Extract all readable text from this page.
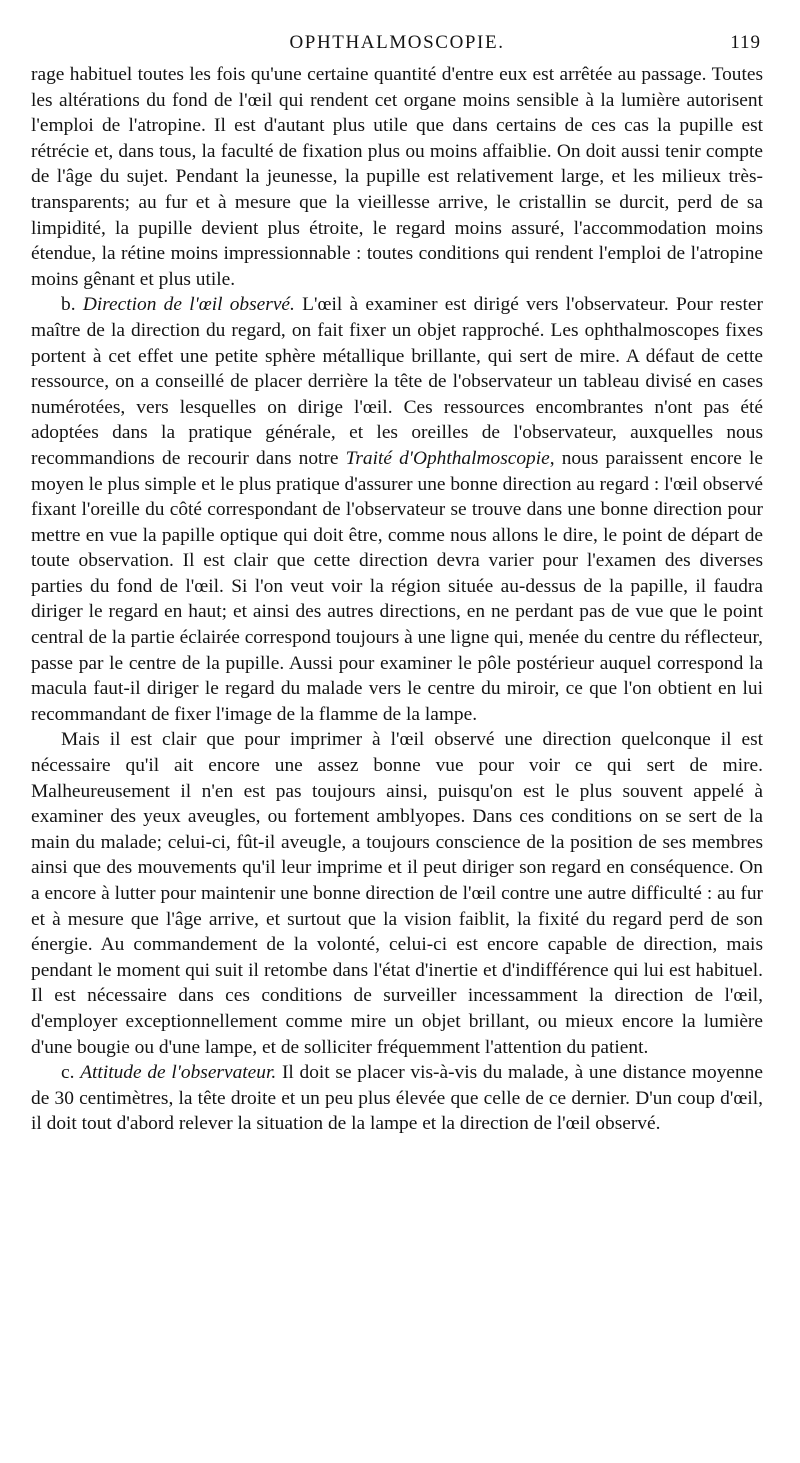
OPHTHALMOSCOPIE.	119

rage habituel toutes les fois qu'une certaine quantité d'entre eux est arrêtée au passage. Toutes les altérations du fond de l'œil qui rendent cet organe moins sensible à la lumière autorisent l'emploi de l'atropine. Il est d'autant plus utile que dans certains de ces cas la pupille est rétrécie et, dans tous, la faculté de fixation plus ou moins affaiblie. On doit aussi tenir compte de l'âge du sujet. Pendant la jeunesse, la pupille est relativement large, et les milieux très-transparents; au fur et à mesure que la vieillesse arrive, le cristallin se durcit, perd de sa limpidité, la pupille devient plus étroite, le regard moins assuré, l'accommodation moins étendue, la rétine moins impressionnable : toutes conditions qui rendent l'emploi de l'atropine moins gênant et plus utile.

b. Direction de l'œil observé. L'œil à examiner est dirigé vers l'observateur. Pour rester maître de la direction du regard, on fait fixer un objet rapproché. Les ophthalmoscopes fixes portent à cet effet une petite sphère métallique brillante, qui sert de mire. A défaut de cette ressource, on a conseillé de placer derrière la tête de l'observateur un tableau divisé en cases numérotées, vers lesquelles on dirige l'œil. Ces ressources encombrantes n'ont pas été adoptées dans la pratique générale, et les oreilles de l'observateur, auxquelles nous recommandions de recourir dans notre Traité d'Ophthalmoscopie, nous paraissent encore le moyen le plus simple et le plus pratique d'assurer une bonne direction au regard : l'œil observé fixant l'oreille du côté correspondant de l'observateur se trouve dans une bonne direction pour mettre en vue la papille optique qui doit être, comme nous allons le dire, le point de départ de toute observation. Il est clair que cette direction devra varier pour l'examen des diverses parties du fond de l'œil. Si l'on veut voir la région située au-dessus de la papille, il faudra diriger le regard en haut; et ainsi des autres directions, en ne perdant pas de vue que le point central de la partie éclairée correspond toujours à une ligne qui, menée du centre du réflecteur, passe par le centre de la pupille. Aussi pour examiner le pôle postérieur auquel correspond la macula faut-il diriger le regard du malade vers le centre du miroir, ce que l'on obtient en lui recommandant de fixer l'image de la flamme de la lampe.

Mais il est clair que pour imprimer à l'œil observé une direction quelconque il est nécessaire qu'il ait encore une assez bonne vue pour voir ce qui sert de mire. Malheureusement il n'en est pas toujours ainsi, puisqu'on est le plus souvent appelé à examiner des yeux aveugles, ou fortement amblyopes. Dans ces conditions on se sert de la main du malade; celui-ci, fût-il aveugle, a toujours conscience de la position de ses membres ainsi que des mouvements qu'il leur imprime et il peut diriger son regard en conséquence. On a encore à lutter pour maintenir une bonne direction de l'œil contre une autre difficulté : au fur et à mesure que l'âge arrive, et surtout que la vision faiblit, la fixité du regard perd de son énergie. Au commandement de la volonté, celui-ci est encore capable de direction, mais pendant le moment qui suit il retombe dans l'état d'inertie et d'indifférence qui lui est habituel. Il est nécessaire dans ces conditions de surveiller incessamment la direction de l'œil, d'employer exceptionnellement comme mire un objet brillant, ou mieux encore la lumière d'une bougie ou d'une lampe, et de solliciter fréquemment l'attention du patient.

c. Attitude de l'observateur. Il doit se placer vis-à-vis du malade, à une distance moyenne de 30 centimètres, la tête droite et un peu plus élevée que celle de ce dernier. D'un coup d'œil, il doit tout d'abord relever la situation de la lampe et la direction de l'œil observé.
